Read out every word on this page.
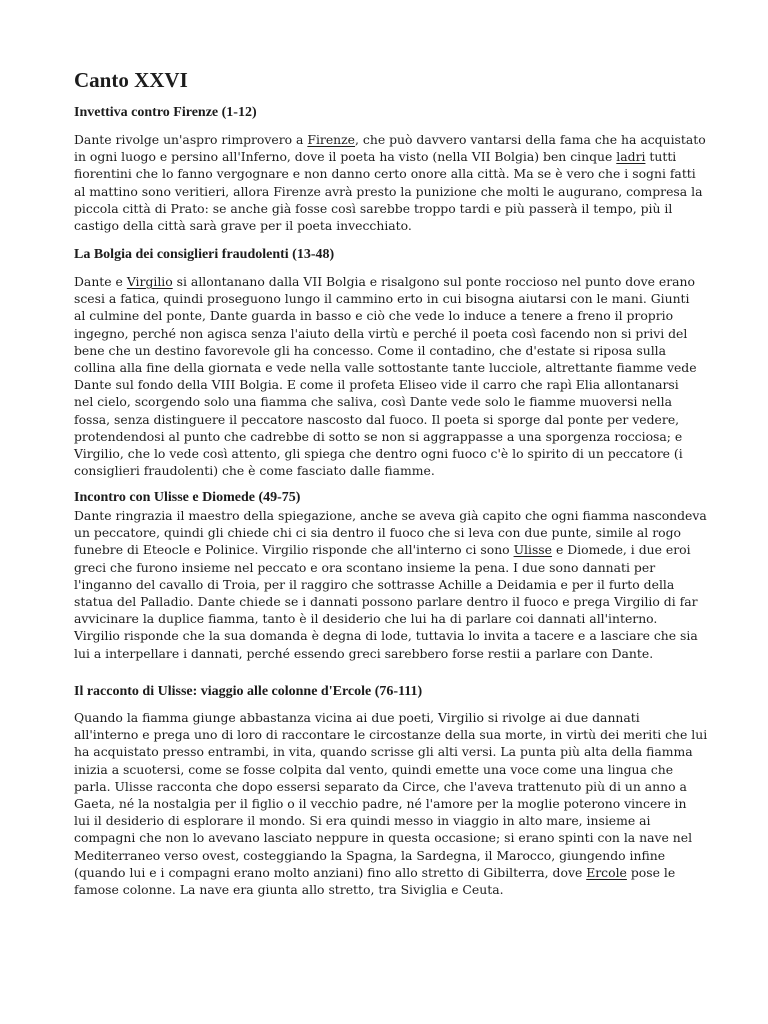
Canto XXVI
Invettiva contro Firenze (1-12)
Dante rivolge un'aspro rimprovero a Firenze, che può davvero vantarsi della fama che ha acquistato
in ogni luogo e persino all'Inferno, dove il poeta ha visto (nella VII Bolgia) ben cinque ladri tutti
fiorentini che lo fanno vergognare e non danno certo onore alla città. Ma se è vero che i sogni fatti
al mattino sono veritieri, allora Firenze avrà presto la punizione che molti le augurano, compresa la
piccola città di Prato: se anche già fosse così sarebbe troppo tardi e più passerà il tempo, più il
castigo della città sarà grave per il poeta invecchiato.
La Bolgia dei consiglieri fraudolenti (13-48)
Dante e Virgilio si allontanano dalla VII Bolgia e risalgono sul ponte roccioso nel punto dove erano
scesi a fatica, quindi proseguono lungo il cammino erto in cui bisogna aiutarsi con le mani. Giunti
al culmine del ponte, Dante guarda in basso e ciò che vede lo induce a tenere a freno il proprio
ingegno, perché non agisca senza l'aiuto della virtù e perché il poeta così facendo non si privi del
bene che un destino favorevole gli ha concesso. Come il contadino, che d'estate si riposa sulla
collina alla fine della giornata e vede nella valle sottostante tante lucciole, altrettante fiamme vede
Dante sul fondo della VIII Bolgia. E come il profeta Eliseo vide il carro che rapì Elia allontanarsi
nel cielo, scorgendo solo una fiamma che saliva, così Dante vede solo le fiamme muoversi nella
fossa, senza distinguere il peccatore nascosto dal fuoco. Il poeta si sporge dal ponte per vedere,
protendendosi al punto che cadrebbe di sotto se non si aggrappasse a una sporgenza rocciosa; e
Virgilio, che lo vede così attento, gli spiega che dentro ogni fuoco c'è lo spirito di un peccatore (i
consiglieri fraudolenti) che è come fasciato dalle fiamme.
Incontro con Ulisse e Diomede (49-75)
Dante ringrazia il maestro della spiegazione, anche se aveva già capito che ogni fiamma nascondeva
un peccatore, quindi gli chiede chi ci sia dentro il fuoco che si leva con due punte, simile al rogo
funebre di Eteocle e Polinice. Virgilio risponde che all'interno ci sono Ulisse e Diomede, i due eroi
greci che furono insieme nel peccato e ora scontano insieme la pena. I due sono dannati per
l'inganno del cavallo di Troia, per il raggiro che sottrasse Achille a Deidamia e per il furto della
statua del Palladio. Dante chiede se i dannati possono parlare dentro il fuoco e prega Virgilio di far
avvicinare la duplice fiamma, tanto è il desiderio che lui ha di parlare coi dannati all'interno.
Virgilio risponde che la sua domanda è degna di lode, tuttavia lo invita a tacere e a lasciare che sia
lui a interpellare i dannati, perché essendo greci sarebbero forse restii a parlare con Dante.
Il racconto di Ulisse: viaggio alle colonne d'Ercole (76-111)
Quando la fiamma giunge abbastanza vicina ai due poeti, Virgilio si rivolge ai due dannati
all'interno e prega uno di loro di raccontare le circostanze della sua morte, in virtù dei meriti che lui
ha acquistato presso entrambi, in vita, quando scrisse gli alti versi. La punta più alta della fiamma
inizia a scuotersi, come se fosse colpita dal vento, quindi emette una voce come una lingua che
parla. Ulisse racconta che dopo essersi separato da Circe, che l'aveva trattenuto più di un anno a
Gaeta, né la nostalgia per il figlio o il vecchio padre, né l'amore per la moglie poterono vincere in
lui il desiderio di esplorare il mondo. Si era quindi messo in viaggio in alto mare, insieme ai
compagni che non lo avevano lasciato neppure in questa occasione; si erano spinti con la nave nel
Mediterraneo verso ovest, costeggiando la Spagna, la Sardegna, il Marocco, giungendo infine
(quando lui e i compagni erano molto anziani) fino allo stretto di Gibilterra, dove Ercole pose le
famose colonne. La nave era giunta allo stretto, tra Siviglia e Ceuta.
